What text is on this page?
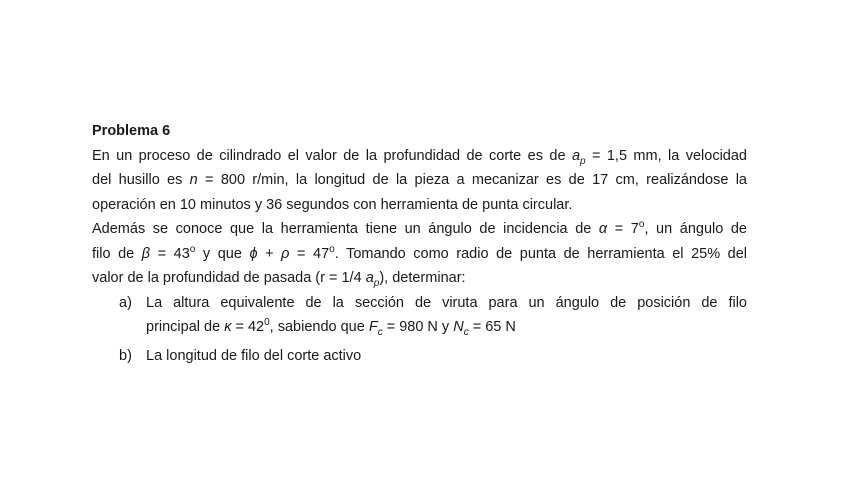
Problema 6
En un proceso de cilindrado el valor de la profundidad de corte es de $a_p = 1,5$ mm, la velocidad
del husillo es n = 800 r/min, la longitud de la pieza a mecanizar es de 17 cm, realizándose la
operación en 10 minutos y 36 segundos con herramienta de punta circular.
Además se conoce que la herramienta tiene un ángulo de incidencia de $\alpha = 7^o$, un ángulo de
filo de $\beta = 43^o$ y que $\phi + \rho = 47^o$. Tomando como radio de punta de herramienta el 25% del
valor de la profundidad de pasada (r = 1/4 $a_p$), determinar:
a) La altura equivalente de la sección de viruta para un ángulo de posición de filo
principal de $\kappa = 42^0$, sabiendo que $F_c = 980$ N y $N_c = 65$ N
b) La longitud de filo del corte activo
